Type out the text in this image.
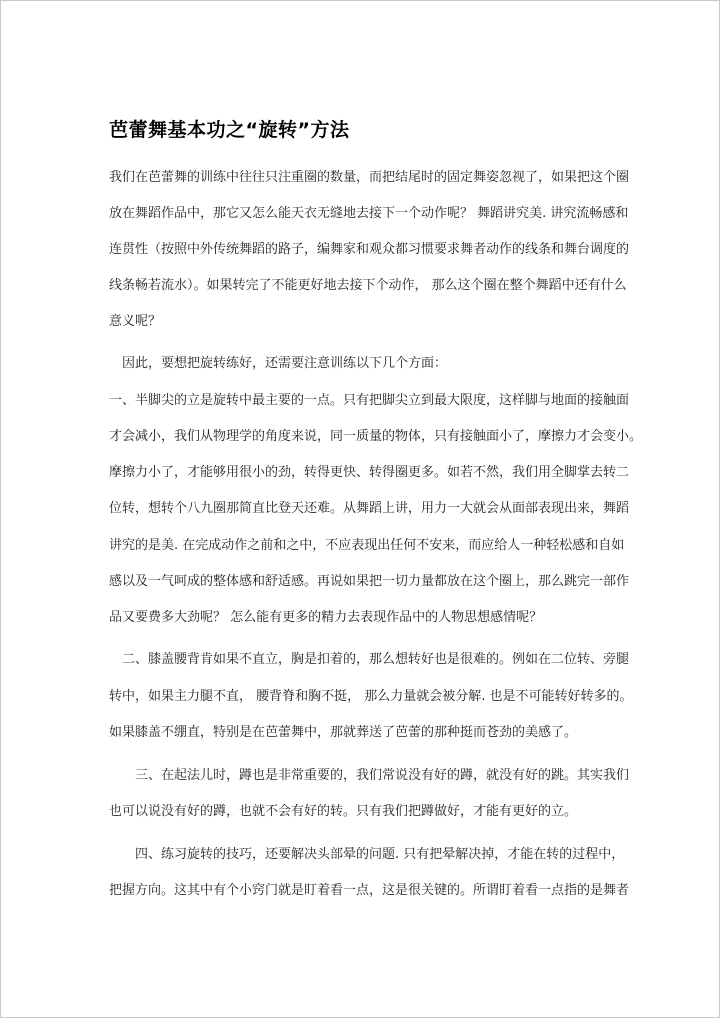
芭蕾舞基本功之“旋转”方法
我们在芭蕾舞的训练中往往只注重圈的数量，而把结尾时的固定舞姿忽视了，如果把这个圈
放在舞蹈作品中，那它又怎么能天衣无缝地去接下一个动作呢？ 舞蹈讲究美. 讲究流畅感和
连贯性（按照中外传统舞蹈的路子，编舞家和观众都习惯要求舞者动作的线条和舞台调度的
线条畅若流水）。如果转完了不能更好地去接下个动作， 那么这个圈在整个舞蹈中还有什么
意义呢？
因此，要想把旋转练好，还需要注意训练以下几个方面：
一、半脚尖的立是旋转中最主要的一点。只有把脚尖立到最大限度，这样脚与地面的接触面
才会减小，我们从物理学的角度来说，同一质量的物体，只有接触面小了，摩擦力才会变小。
摩擦力小了，才能够用很小的劲，转得更快、转得圈更多。如若不然，我们用全脚掌去转二
位转，想转个八九圈那简直比登天还难。从舞蹈上讲，用力一大就会从面部表现出来，舞蹈
讲究的是美. 在完成动作之前和之中，不应表现出任何不安来，而应给人一种轻松感和自如
感以及一气呵成的整体感和舒适感。再说如果把一切力量都放在这个圈上，那么跳完一部作
品又要费多大劲呢？ 怎么能有更多的精力去表现作品中的人物思想感情呢？
二、膝盖腰背肯如果不直立，胸是扣着的，那么想转好也是很难的。例如在二位转、旁腿
转中，如果主力腿不直， 腰背脊和胸不挺， 那么力量就会被分解. 也是不可能转好转多的。
如果膝盖不绷直，特别是在芭蕾舞中，那就葬送了芭蕾的那种挺而苍劲的美感了。
三、在起法儿时，蹲也是非常重要的，我们常说没有好的蹲，就没有好的跳。其实我们
也可以说没有好的蹲，也就不会有好的转。只有我们把蹲做好，才能有更好的立。
四、练习旋转的技巧，还要解决头部晕的问题. 只有把晕解决掉，才能在转的过程中，
把握方向。这其中有个小窍门就是盯着看一点，这是很关键的。所谓盯着看一点指的是舞者
